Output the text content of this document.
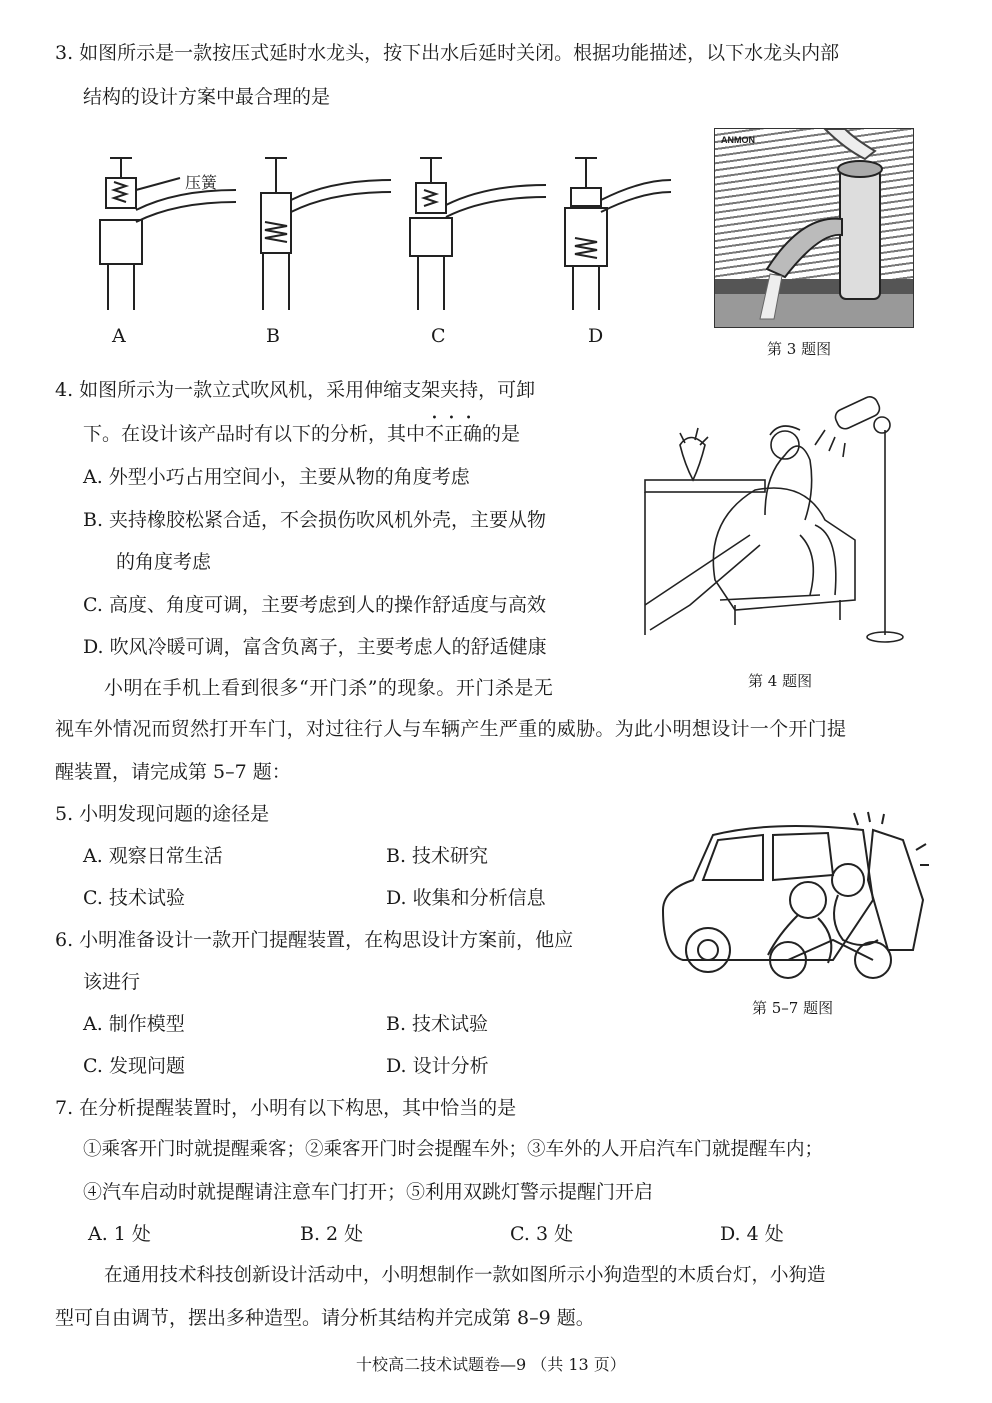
3. 如图所示是一款按压式延时水龙头，按下出水后延时关闭。根据功能描述，以下水龙头内部
结构的设计方案中最合理的是
压簧
A	B	C	D
ANMON
第 3 题图
4. 如图所示为一款立式吹风机，采用伸缩支架夹持，可卸
下。在设计该产品时有以下的分析，其中
• • •
不正确的是
A. 外型小巧占用空间小，主要从物的角度考虑
B. 夹持橡胶松紧合适，不会损伤吹风机外壳，主要从物
的角度考虑
C. 高度、角度可调，主要考虑到人的操作舒适度与高效
D. 吹风冷暖可调，富含负离子，主要考虑人的舒适健康
第 4 题图
小明在手机上看到很多“开门杀”的现象。开门杀是无
视车外情况而贸然打开车门，对过往行人与车辆产生严重的威胁。为此小明想设计一个开门提
醒装置，请完成第 5–7 题：
5. 小明发现问题的途径是
A. 观察日常生活	B. 技术研究
C. 技术试验	D. 收集和分析信息
第 5–7 题图
6. 小明准备设计一款开门提醒装置，在构思设计方案前，他应
该进行
A. 制作模型	B. 技术试验
C. 发现问题	D. 设计分析
7. 在分析提醒装置时，小明有以下构思，其中恰当的是
①乘客开门时就提醒乘客；②乘客开门时会提醒车外；③车外的人开启汽车门就提醒车内；
④汽车启动时就提醒请注意车门打开；⑤利用双跳灯警示提醒门开启
A. 1 处	B. 2 处	C. 3 处	D. 4 处
在通用技术科技创新设计活动中，小明想制作一款如图所示小狗造型的木质台灯，小狗造
型可自由调节，摆出多种造型。请分析其结构并完成第 8–9 题。
十校高二技术试题卷—9 （共 13 页）
